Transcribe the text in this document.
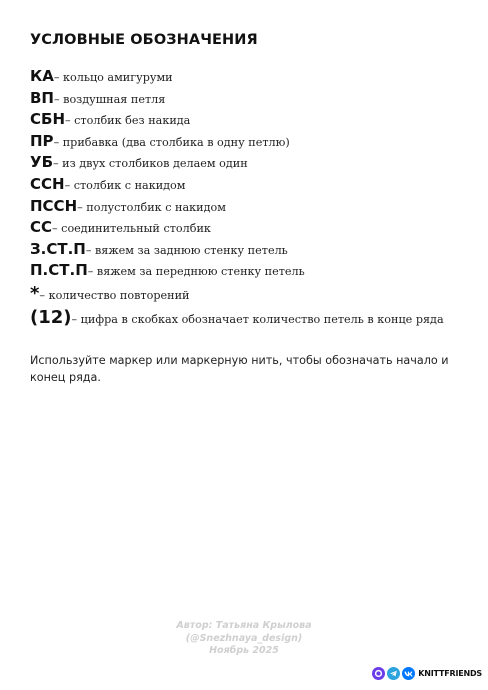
УСЛОВНЫЕ ОБОЗНАЧЕНИЯ
КА – кольцо амигуруми
ВП – воздушная петля
СБН – столбик без накида
ПР – прибавка (два столбика в одну петлю)
УБ – из двух столбиков делаем один
ССН – столбик с накидом
ПССН – полустолбик с накидом
СС – соединительный столбик
З.СТ.П – вяжем за заднюю стенку петель
П.СТ.П – вяжем за переднюю стенку петель
* – количество повторений
(12) – цифра в скобках обозначает количество петель в конце ряда
Используйте маркер или маркерную нить, чтобы обозначать начало и конец ряда.
Автор: Татьяна Крылова
(@Snezhnaya_design)
Ноябрь 2025
KNITTFRIENDS
